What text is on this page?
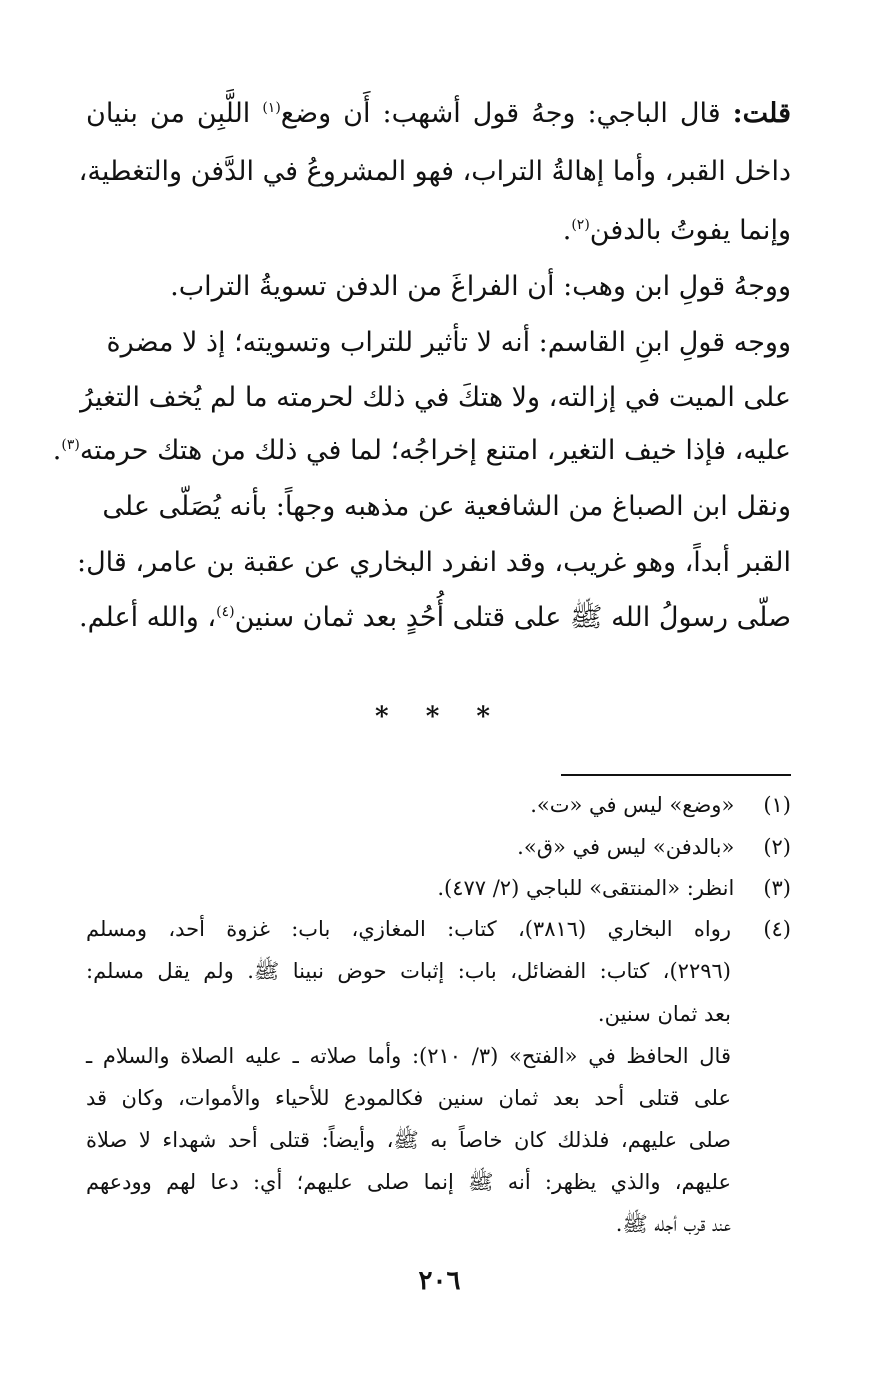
قلت: قال الباجي: وجهُ قول أشهب: أَن وضع$^{(١)}$ اللَّبِن من بنيان
داخل القبر، وأما إهالةُ التراب، فهو المشروعُ في الدَّفن والتغطية،
وإنما يفوتُ بالدفن$^{(٢)}$.
ووجهُ قولِ ابن وهب: أن الفراغَ من الدفن تسويةُ التراب.
ووجه قولِ ابنِ القاسم: أنه لا تأثير للتراب وتسويته؛ إذ لا مضرة
على الميت في إزالته، ولا هتكَ في ذلك لحرمته ما لم يُخف التغيرُ
عليه، فإذا خيف التغير، امتنع إخراجُه؛ لما في ذلك من هتك حرمته$^{(٣)}$.
ونقل ابن الصباغ من الشافعية عن مذهبه وجهاً: بأنه يُصَلّى على
القبر أبداً، وهو غريب، وقد انفرد البخاري عن عقبة بن عامر، قال:
صلّى رسولُ الله ﷺ على قتلى أُحُدٍ بعد ثمان سنين$^{(٤)}$، والله أعلم.
* * *
(١) «وضع» ليس في «ت».
(٢) «بالدفن» ليس في «ق».
(٣) انظر: «المنتقى» للباجي (٢/ ٤٧٧).
(٤)
رواه البخاري (٣٨١٦)، كتاب: المغازي، باب: غزوة أحد، ومسلم
(٢٢٩٦)، كتاب: الفضائل، باب: إثبات حوض نبينا ﷺ. ولم يقل مسلم:
بعد ثمان سنين.
قال الحافظ في «الفتح» (٣/ ٢١٠): وأما صلاته ـ عليه الصلاة والسلام ـ
على قتلى أحد بعد ثمان سنين فكالمودع للأحياء والأموات، وكان قد
صلى عليهم، فلذلك كان خاصاً به ﷺ، وأيضاً: قتلى أحد شهداء لا صلاة
عليهم، والذي يظهر: أنه ﷺ إنما صلى عليهم؛ أي: دعا لهم وودعهم
عند قرب أجله ﷺ.
٢٠٦
